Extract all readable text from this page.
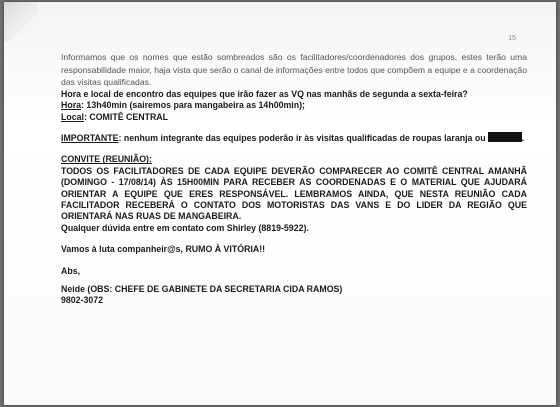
15
Informamos que os nomes que estão sombreados são os facilitadores/coordenadores dos grupos, estes terão uma responsabilidade maior, haja vista que serão o canal de informações entre todos que compõem a equipe e a coordenação das visitas qualificadas.
Hora e local de encontro das equipes que irão fazer as VQ nas manhãs de segunda a sexta-feira?
Hora: 13h40min (sairemos para mangabeira as 14h00min);
Local: COMITÊ CENTRAL
IMPORTANTE: nenhum integrante das equipes poderão ir às visitas qualificadas de roupas laranja ou	.
CONVITE (REUNIÃO):
TODOS OS FACILITADORES DE CADA EQUIPE DEVERÃO COMPARECER AO COMITÊ CENTRAL AMANHÃ (DOMINGO - 17/08/14) ÀS 15H00MIN PARA RECEBER AS COORDENADAS E O MATERIAL QUE AJUDARÁ ORIENTAR A EQUIPE QUE ERES RESPONSÁVEL. LEMBRAMOS AINDA, QUE NESTA REUNIÃO CADA FACILITADOR RECEBERÁ O CONTATO DOS MOTORISTAS DAS VANS E DO LIDER DA REGIÃO QUE ORIENTARÁ NAS RUAS DE MANGABEIRA.
Qualquer dúvida entre em contato com Shirley (8819-5922).
Vamos à luta companheir@s, RUMO À VITÓRIA!!
Abs,
Neide (OBS: CHEFE DE GABINETE DA SECRETARIA CIDA RAMOS)
9802-3072
